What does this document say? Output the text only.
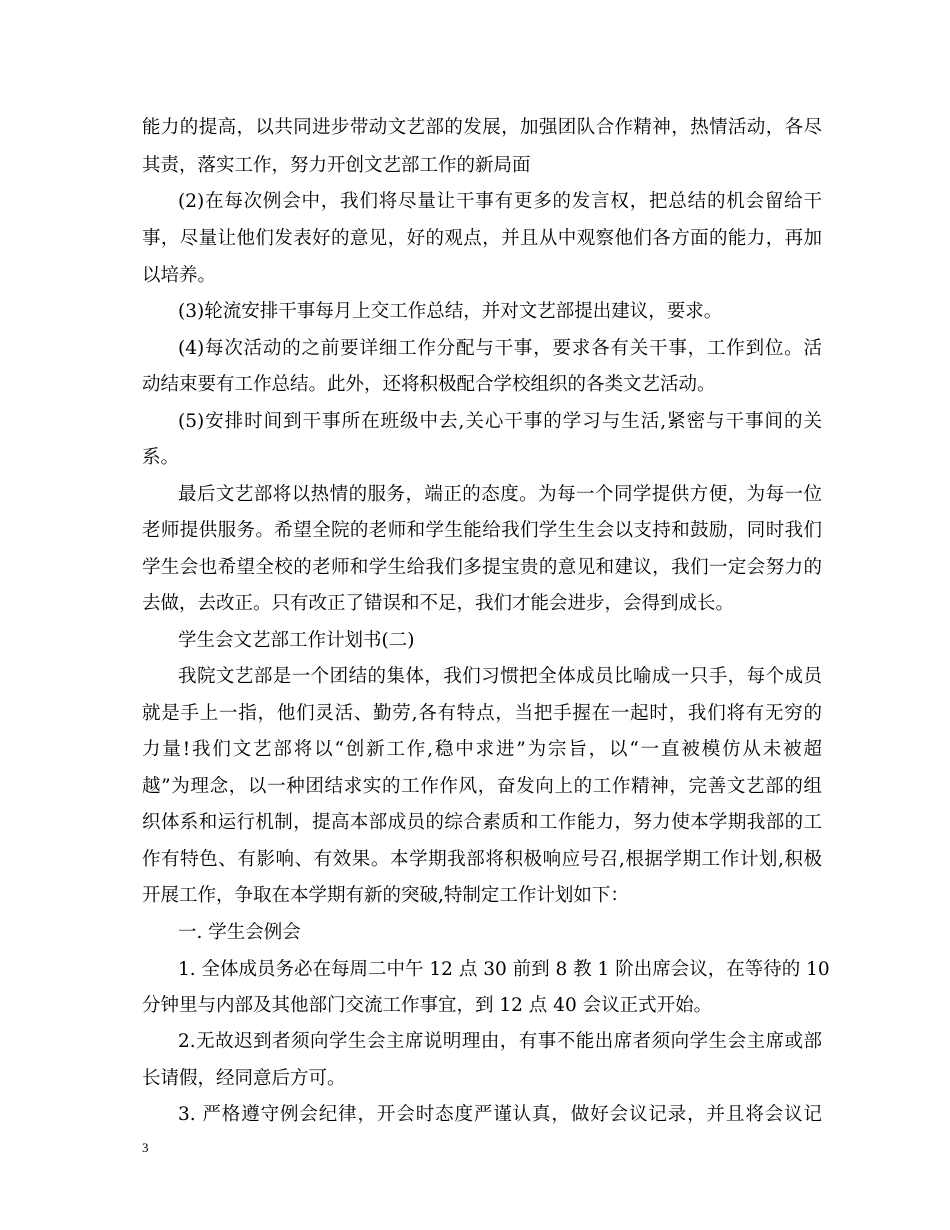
能力的提高，以共同进步带动文艺部的发展，加强团队合作精神，热情活动，各尽
其责，落实工作，努力开创文艺部工作的新局面
(2)在每次例会中，我们将尽量让干事有更多的发言权，把总结的机会留给干
事，尽量让他们发表好的意见，好的观点，并且从中观察他们各方面的能力，再加
以培养。
(3)轮流安排干事每月上交工作总结，并对文艺部提出建议，要求。
(4)每次活动的之前要详细工作分配与干事，要求各有关干事，工作到位。活
动结束要有工作总结。此外，还将积极配合学校组织的各类文艺活动。
(5)安排时间到干事所在班级中去,关心干事的学习与生活,紧密与干事间的关
系。
最后文艺部将以热情的服务，端正的态度。为每一个同学提供方便，为每一位
老师提供服务。希望全院的老师和学生能给我们学生生会以支持和鼓励，同时我们
学生会也希望全校的老师和学生给我们多提宝贵的意见和建议，我们一定会努力的
去做，去改正。只有改正了错误和不足，我们才能会进步，会得到成长。
学生会文艺部工作计划书(二)
我院文艺部是一个团结的集体，我们习惯把全体成员比喻成一只手，每个成员
就是手上一指，他们灵活、勤劳,各有特点，当把手握在一起时，我们将有无穷的
力量!我们文艺部将以“创新工作,稳中求进”为宗旨，以“一直被模仿从未被超
越”为理念，以一种团结求实的工作作风，奋发向上的工作精神，完善文艺部的组
织体系和运行机制，提高本部成员的综合素质和工作能力，努力使本学期我部的工
作有特色、有影响、有效果。本学期我部将积极响应号召,根据学期工作计划,积极
开展工作，争取在本学期有新的突破,特制定工作计划如下：
一. 学生会例会
1. 全体成员务必在每周二中午 12 点 30 前到 8 教 1 阶出席会议，在等待的 10
分钟里与内部及其他部门交流工作事宜，到 12 点 40 会议正式开始。
2.无故迟到者须向学生会主席说明理由，有事不能出席者须向学生会主席或部
长请假，经同意后方可。
3. 严格遵守例会纪律，开会时态度严谨认真，做好会议记录，并且将会议记
3
